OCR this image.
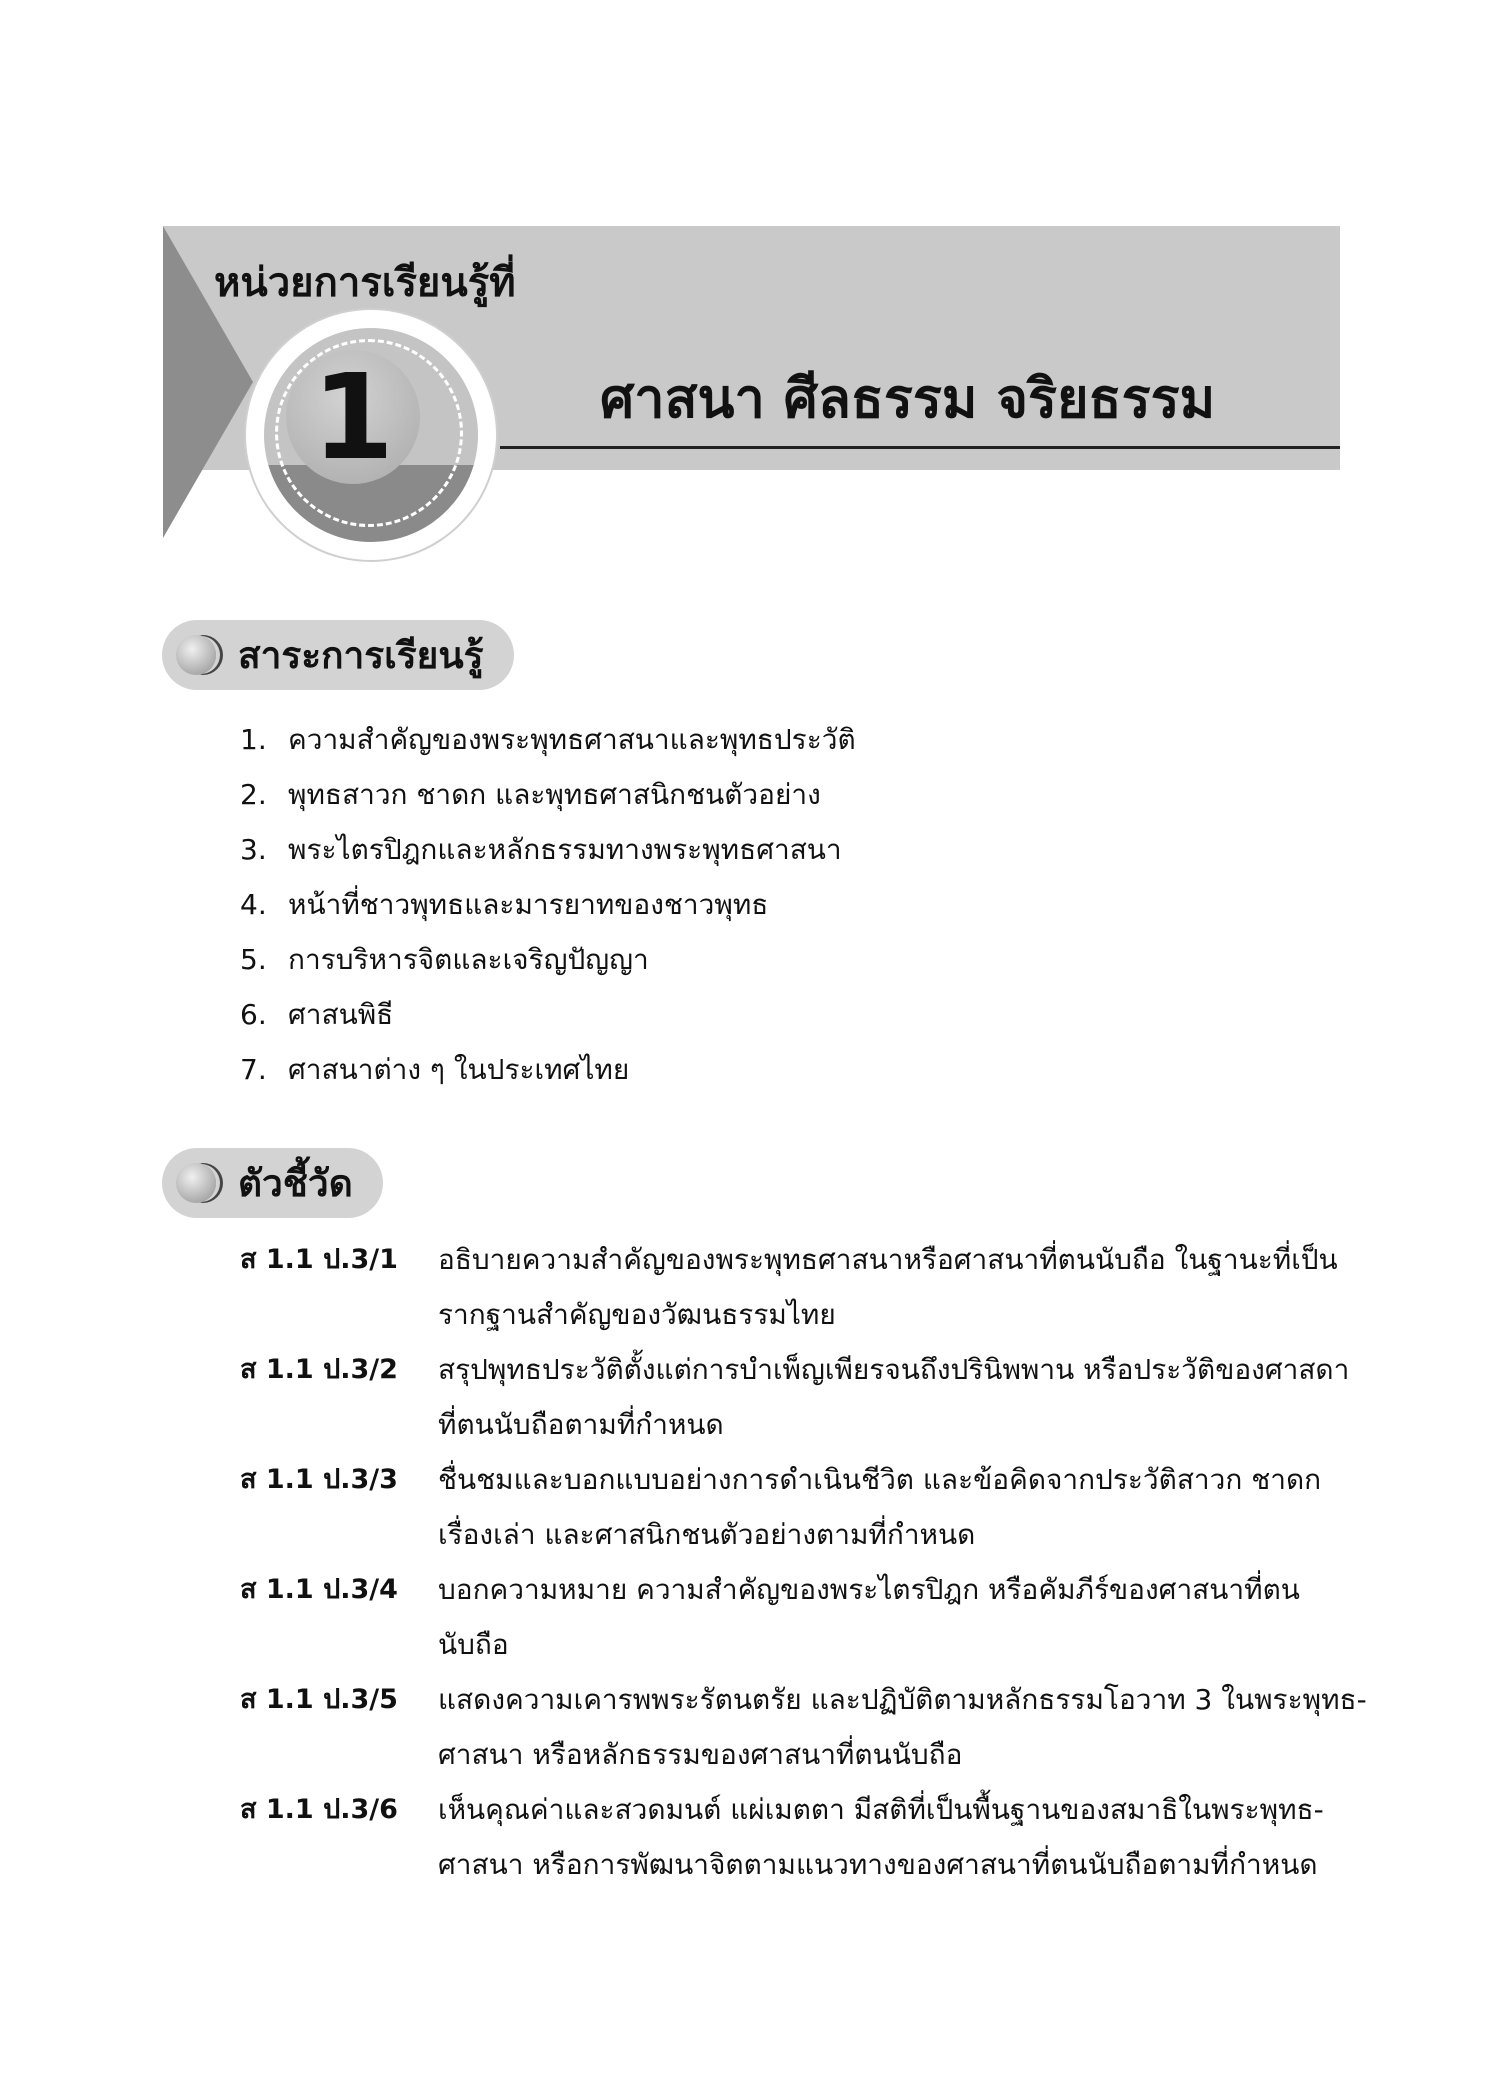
หน่วยการเรียนรู้ที่
1	ศาสนา ศีลธรรม จริยธรรม
สาระการเรียนรู้
1. ความสำคัญของพระพุทธศาสนาและพุทธประวัติ
2. พุทธสาวก ชาดก และพุทธศาสนิกชนตัวอย่าง
3. พระไตรปิฎกและหลักธรรมทางพระพุทธศาสนา
4. หน้าที่ชาวพุทธและมารยาทของชาวพุทธ
5. การบริหารจิตและเจริญปัญญา
6. ศาสนพิธี
7. ศาสนาต่าง ๆ ในประเทศไทย
ตัวชี้วัด
ส 1.1 ป.3/1	อธิบายความสำคัญของพระพุทธศาสนาหรือศาสนาที่ตนนับถือ ในฐานะที่เป็น
รากฐานสำคัญของวัฒนธรรมไทย
ส 1.1 ป.3/2	สรุปพุทธประวัติตั้งแต่การบำเพ็ญเพียรจนถึงปรินิพพาน หรือประวัติของศาสดา
ที่ตนนับถือตามที่กำหนด
ส 1.1 ป.3/3	ชื่นชมและบอกแบบอย่างการดำเนินชีวิต และข้อคิดจากประวัติสาวก ชาดก
เรื่องเล่า และศาสนิกชนตัวอย่างตามที่กำหนด
ส 1.1 ป.3/4	บอกความหมาย ความสำคัญของพระไตรปิฎก หรือคัมภีร์ของศาสนาที่ตน
นับถือ
ส 1.1 ป.3/5	แสดงความเคารพพระรัตนตรัย และปฏิบัติตามหลักธรรมโอวาท 3 ในพระพุทธ-
ศาสนา หรือหลักธรรมของศาสนาที่ตนนับถือ
ส 1.1 ป.3/6	เห็นคุณค่าและสวดมนต์ แผ่เมตตา มีสติที่เป็นพื้นฐานของสมาธิในพระพุทธ-
ศาสนา หรือการพัฒนาจิตตามแนวทางของศาสนาที่ตนนับถือตามที่กำหนด
